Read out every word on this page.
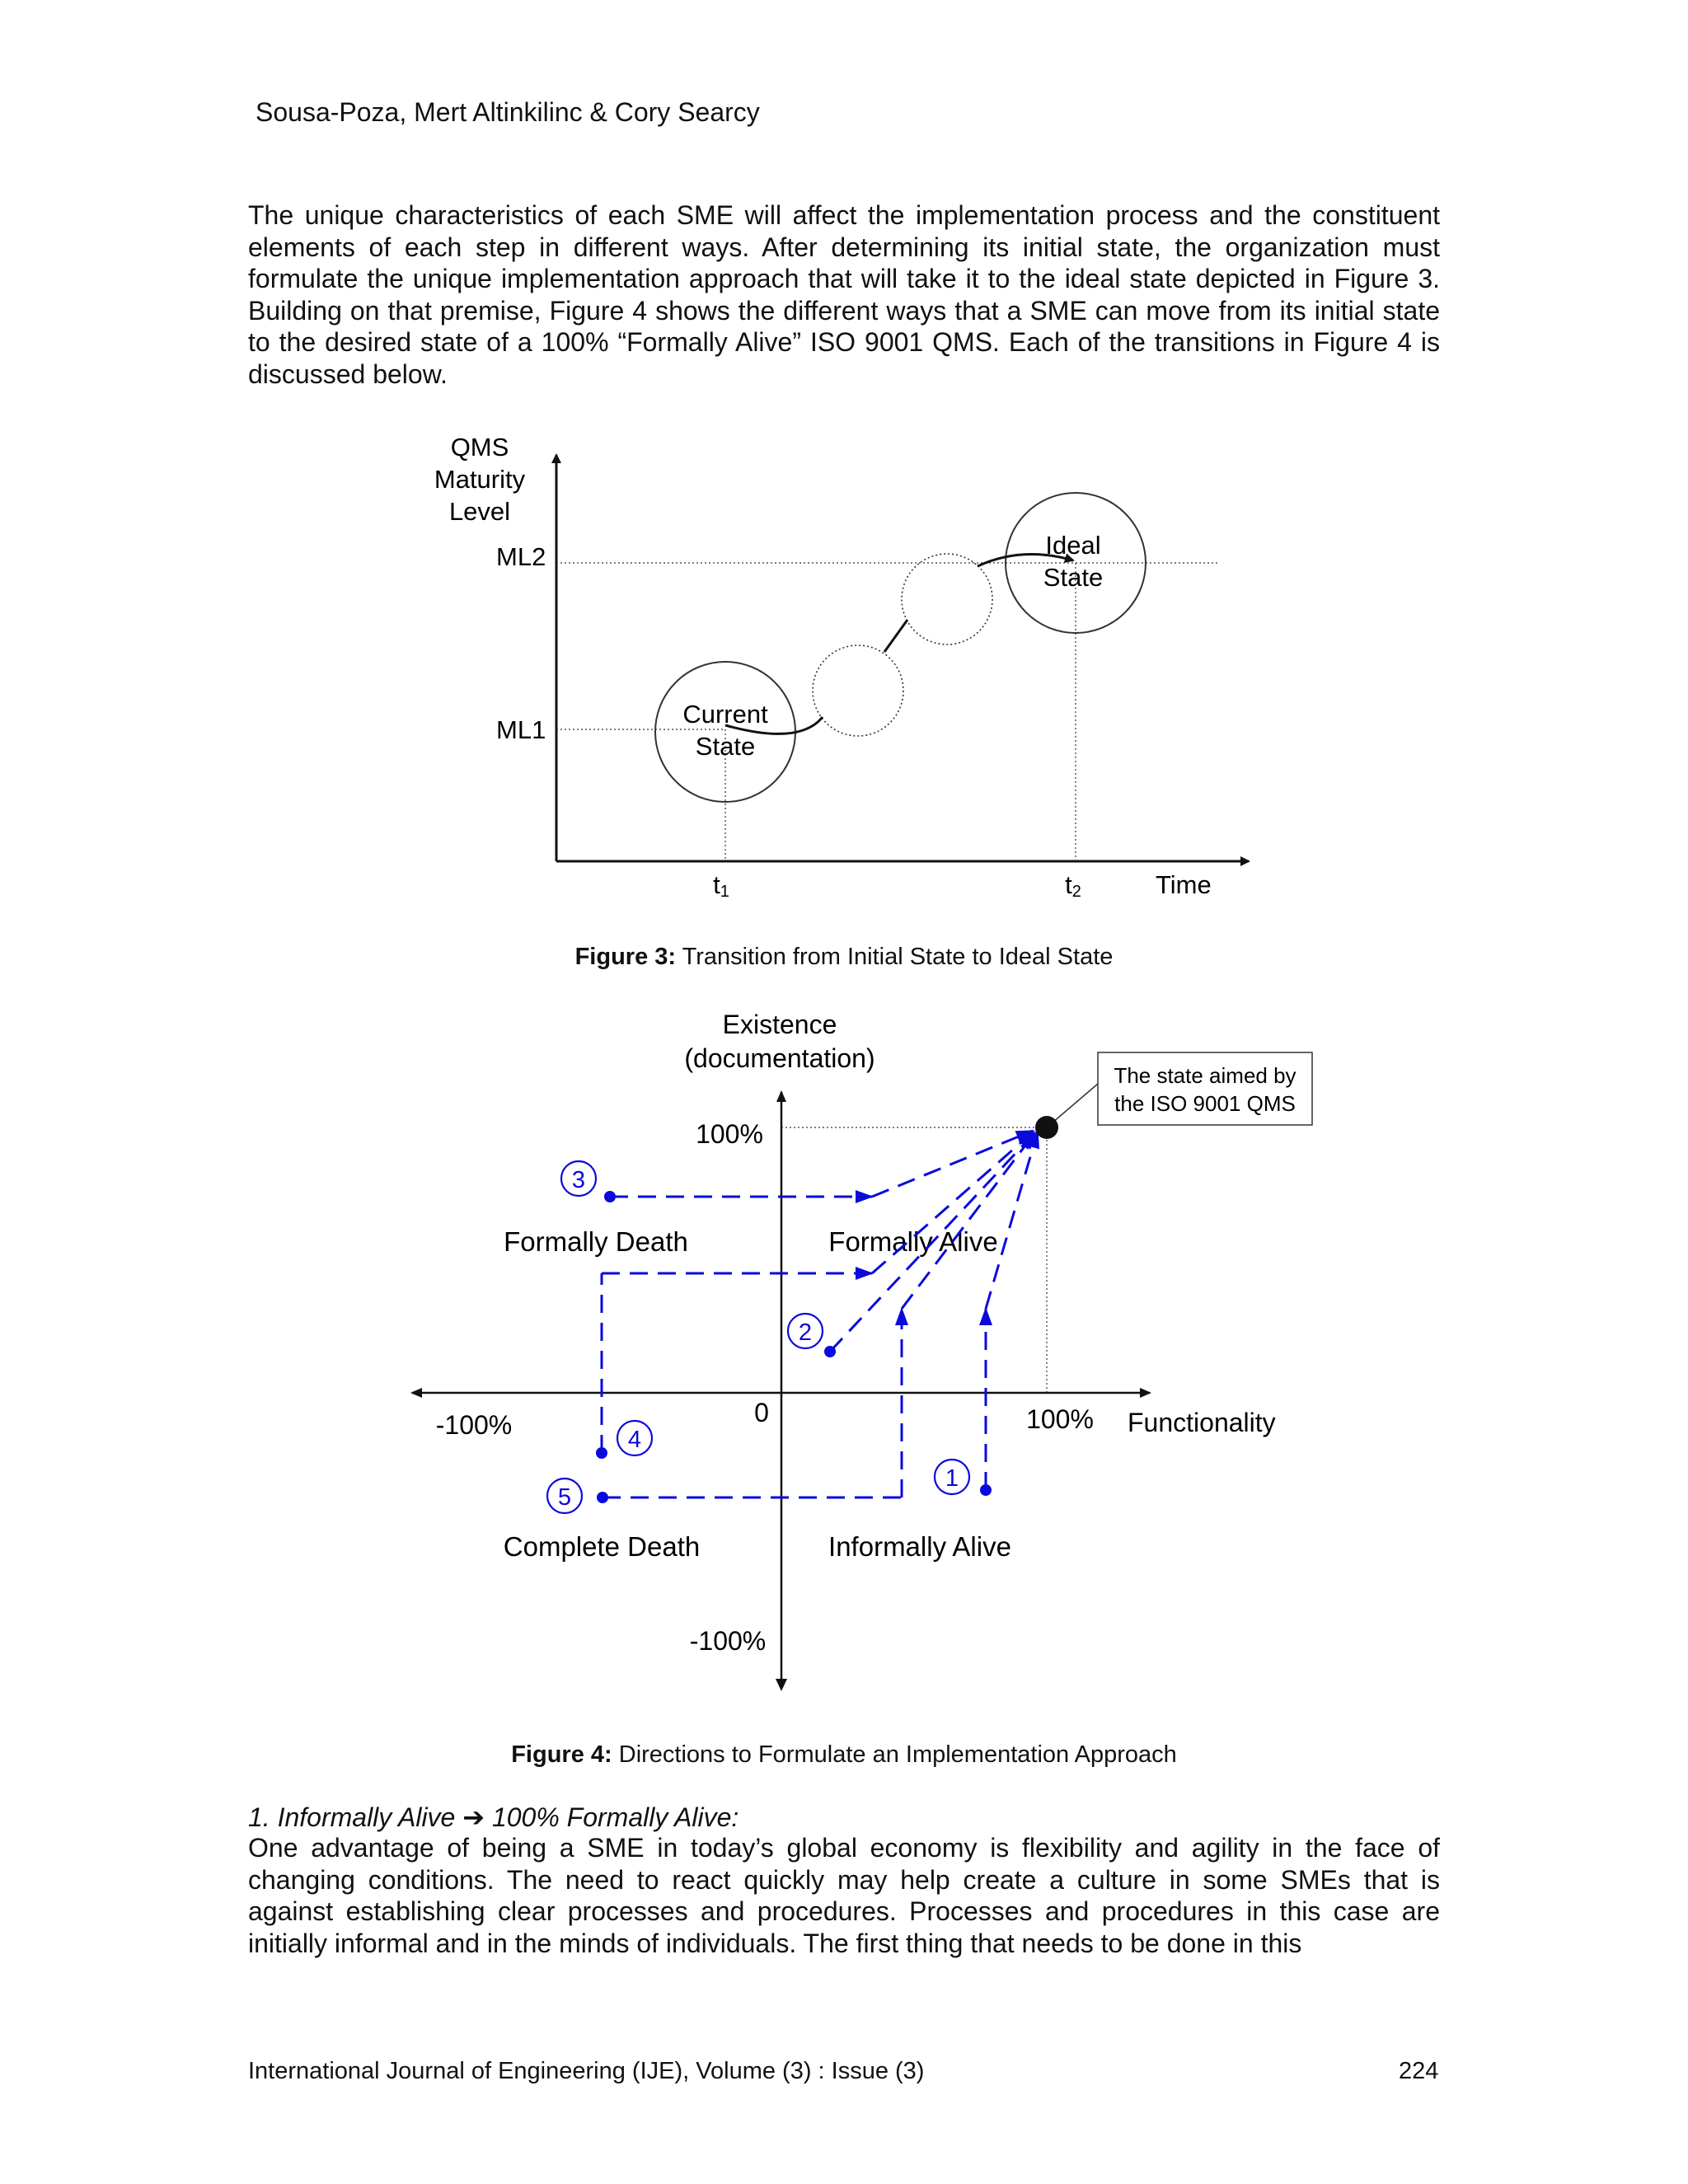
Sousa-Poza, Mert Altinkilinc & Cory Searcy

The unique characteristics of each SME will affect the implementation process and the constituent elements of each step in different ways. After determining its initial state, the organization must formulate the unique implementation approach that will take it to the ideal state depicted in Figure 3. Building on that premise, Figure 4 shows the different ways that a SME can move from its initial state to the desired state of a 100% “Formally Alive” ISO 9001 QMS. Each of the transitions in Figure 4 is discussed below.

QMS
Maturity
Level
ML2
ML1
Current
State
Ideal
State
t1	t2	Time
Figure 3: Transition from Initial State to Ideal State
Existence
(documentation)
100%
-100%
-100%	100%
0	Functionality
The state aimed by
the ISO 9001 QMS
Formally Death	Formally Alive
Complete Death	Informally Alive
1
2
3
4
5
Figure 4: Directions to Formulate an Implementation Approach
1. Informally Alive ➔ 100% Formally Alive:

One advantage of being a SME in today’s global economy is flexibility and agility in the face of changing conditions. The need to react quickly may help create a culture in some SMEs that is against establishing clear processes and procedures. Processes and procedures in this case are initially informal and in the minds of individuals. The first thing that needs to be done in this

International Journal of Engineering (IJE), Volume (3) : Issue (3)	224
